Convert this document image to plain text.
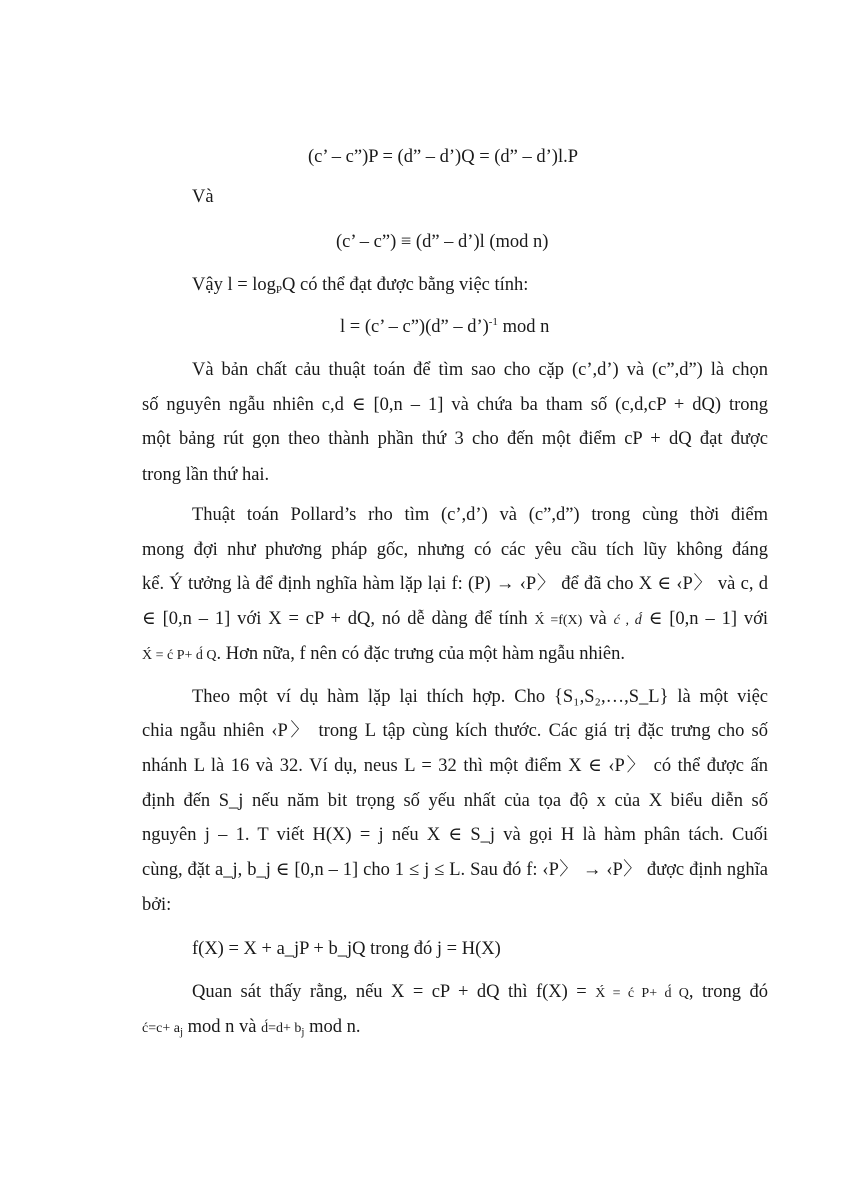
(c’ – c”)P = (d” – d’)Q = (d” – d’)l.P
Và
(c’ – c”) ≡ (d” – d’)l (mod n)
Vậy $l = \log_PQ$ có thể đạt được bằng việc tính:
l = (c’ – c”)(d” – d’)$^{-1}$ mod n
Và bản chất cảu thuật toán để tìm sao cho cặp (c’,d’) và (c”,d”) là chọn
số nguyên ngẫu nhiên c,d ∈ [0,n – 1] và chứa ba tham số (c,d,cP + dQ) trong
một bảng rút gọn theo thành phần thứ 3 cho đến một điểm cP + dQ đạt được
trong lần thứ hai.
Thuật toán Pollard’s rho tìm (c’,d’) và (c”,d”) trong cùng thời điểm
mong đợi như phương pháp gốc, nhưng có các yêu cầu tích lũy không đáng
kể. Ý tưởng là để định nghĩa hàm lặp lại f: (P) → ‹P〉 để đã cho X ∈ ‹P〉 và c, d
∈ [0,n – 1] với X = cP + dQ, nó dễ dàng để tính X́ =f(X) và ć , d́ ∈ [0,n – 1] với
X́ = ć P+ d́ Q. Hơn nữa, f nên có đặc trưng của một hàm ngẫu nhiên.
Theo một ví dụ hàm lặp lại thích hợp. Cho {S₁,S₂,…,S_L} là một việc
chia ngẫu nhiên ‹P〉 trong L tập cùng kích thước. Các giá trị đặc trưng cho số
nhánh L là 16 và 32. Ví dụ, neus L = 32 thì một điểm X ∈ ‹P〉 có thể được ấn
định đến S_j nếu năm bit trọng số yếu nhất của tọa độ x của X biểu diễn số
nguyên j – 1. T viết H(X) = j nếu X ∈ S_j và gọi H là hàm phân tách. Cuối
cùng, đặt a_j, b_j ∈ [0,n – 1] cho 1 ≤ j ≤ L. Sau đó f: ‹P〉 → ‹P〉 được định nghĩa
bởi:
f(X) = X + a_jP + b_jQ trong đó j = H(X)
Quan sát thấy rằng, nếu X = cP + dQ thì f(X) = X́ = ć P+ d́ Q, trong đó
ć=c+ $a_j$ mod n và d́=d+ $b_j$ mod n.
